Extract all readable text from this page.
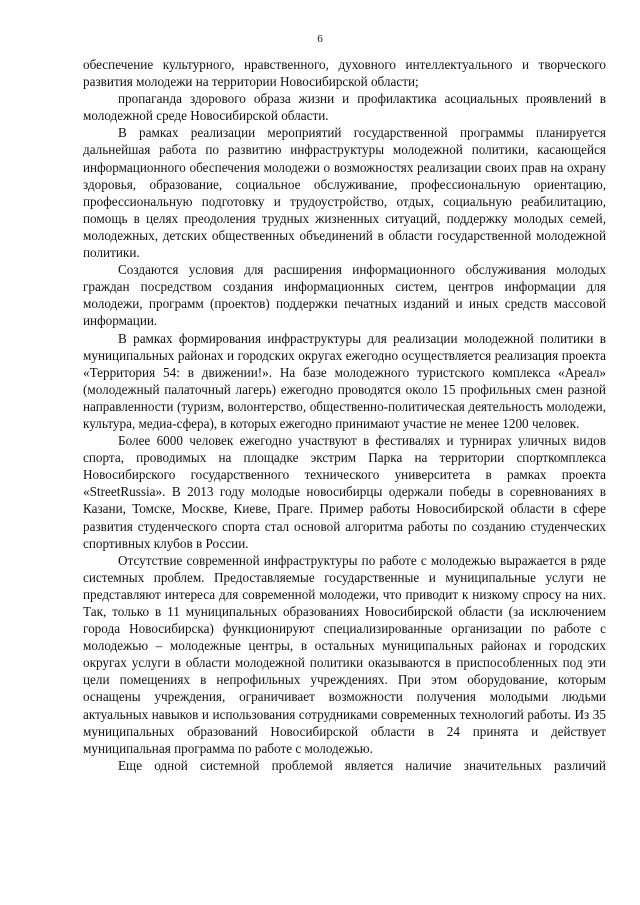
6

обеспечение культурного, нравственного, духовного интеллектуального и творческого развития молодежи на территории Новосибирской области;

пропаганда здорового образа жизни и профилактика асоциальных проявлений в молодежной среде Новосибирской области.

В рамках реализации мероприятий государственной программы планируется дальнейшая работа по развитию инфраструктуры молодежной политики, касающейся информационного обеспечения молодежи о возможностях реализации своих прав на охрану здоровья, образование, социальное обслуживание, профессиональную ориентацию, профессиональную подготовку и трудоустройство, отдых, социальную реабилитацию, помощь в целях преодоления трудных жизненных ситуаций, поддержку молодых семей, молодежных, детских общественных объединений в области государственной молодежной политики.

Создаются условия для расширения информационного обслуживания молодых граждан посредством создания информационных систем, центров информации для молодежи, программ (проектов) поддержки печатных изданий и иных средств массовой информации.

В рамках формирования инфраструктуры для реализации молодежной политики в муниципальных районах и городских округах ежегодно осуществляется реализация проекта «Территория 54: в движении!». На базе молодежного туристского комплекса «Ареал» (молодежный палаточный лагерь) ежегодно проводятся около 15 профильных смен разной направленности (туризм, волонтерство, общественно-политическая деятельность молодежи, культура, медиа-сфера), в которых ежегодно принимают участие не менее 1200 человек.

Более 6000 человек ежегодно участвуют в фестивалях и турнирах уличных видов спорта, проводимых на площадке экстрим Парка на территории спорткомплекса Новосибирского государственного технического университета в рамках проекта «StreetRussia». В 2013 году молодые новосибирцы одержали победы в соревнованиях в Казани, Томске, Москве, Киеве, Праге. Пример работы Новосибирской области в сфере развития студенческого спорта стал основой алгоритма работы по созданию студенческих спортивных клубов в России.

Отсутствие современной инфраструктуры по работе с молодежью выражается в ряде системных проблем. Предоставляемые государственные и муниципальные услуги не представляют интереса для современной молодежи, что приводит к низкому спросу на них. Так, только в 11 муниципальных образованиях Новосибирской области (за исключением города Новосибирска) функционируют специализированные организации по работе с молодежью – молодежные центры, в остальных муниципальных районах и городских округах услуги в области молодежной политики оказываются в приспособленных под эти цели помещениях в непрофильных учреждениях. При этом оборудование, которым оснащены учреждения, ограничивает возможности получения молодыми людьми актуальных навыков и использования сотрудниками современных технологий работы. Из 35 муниципальных образований Новосибирской области в 24 принята и действует муниципальная программа по работе с молодежью.

Еще одной системной проблемой является наличие значительных различий
